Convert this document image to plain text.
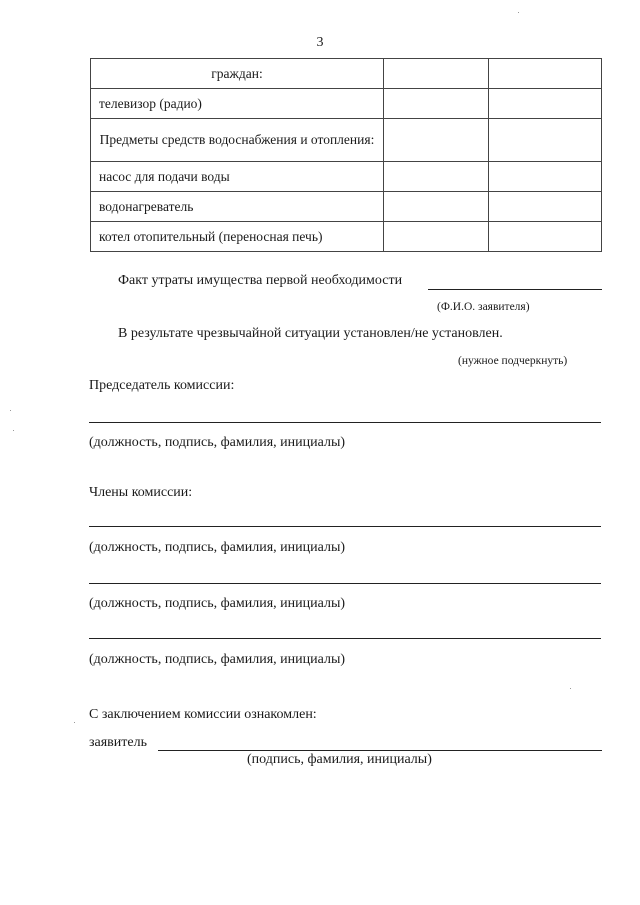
3
граждан:		
телевизор (радио)		
Предметы средств водоснабжения и отопления:		
насос для подачи воды		
водонагреватель		
котел отопительный (переносная печь)		
Факт утраты имущества первой необходимости
(Ф.И.О. заявителя)
В результате чрезвычайной ситуации установлен/не установлен.
(нужное подчеркнуть)
Председатель комиссии:
(должность, подпись, фамилия, инициалы)
Члены комиссии:
(должность, подпись, фамилия, инициалы)
(должность, подпись, фамилия, инициалы)
(должность, подпись, фамилия, инициалы)
С заключением комиссии ознакомлен:
заявитель
(подпись, фамилия, инициалы)
